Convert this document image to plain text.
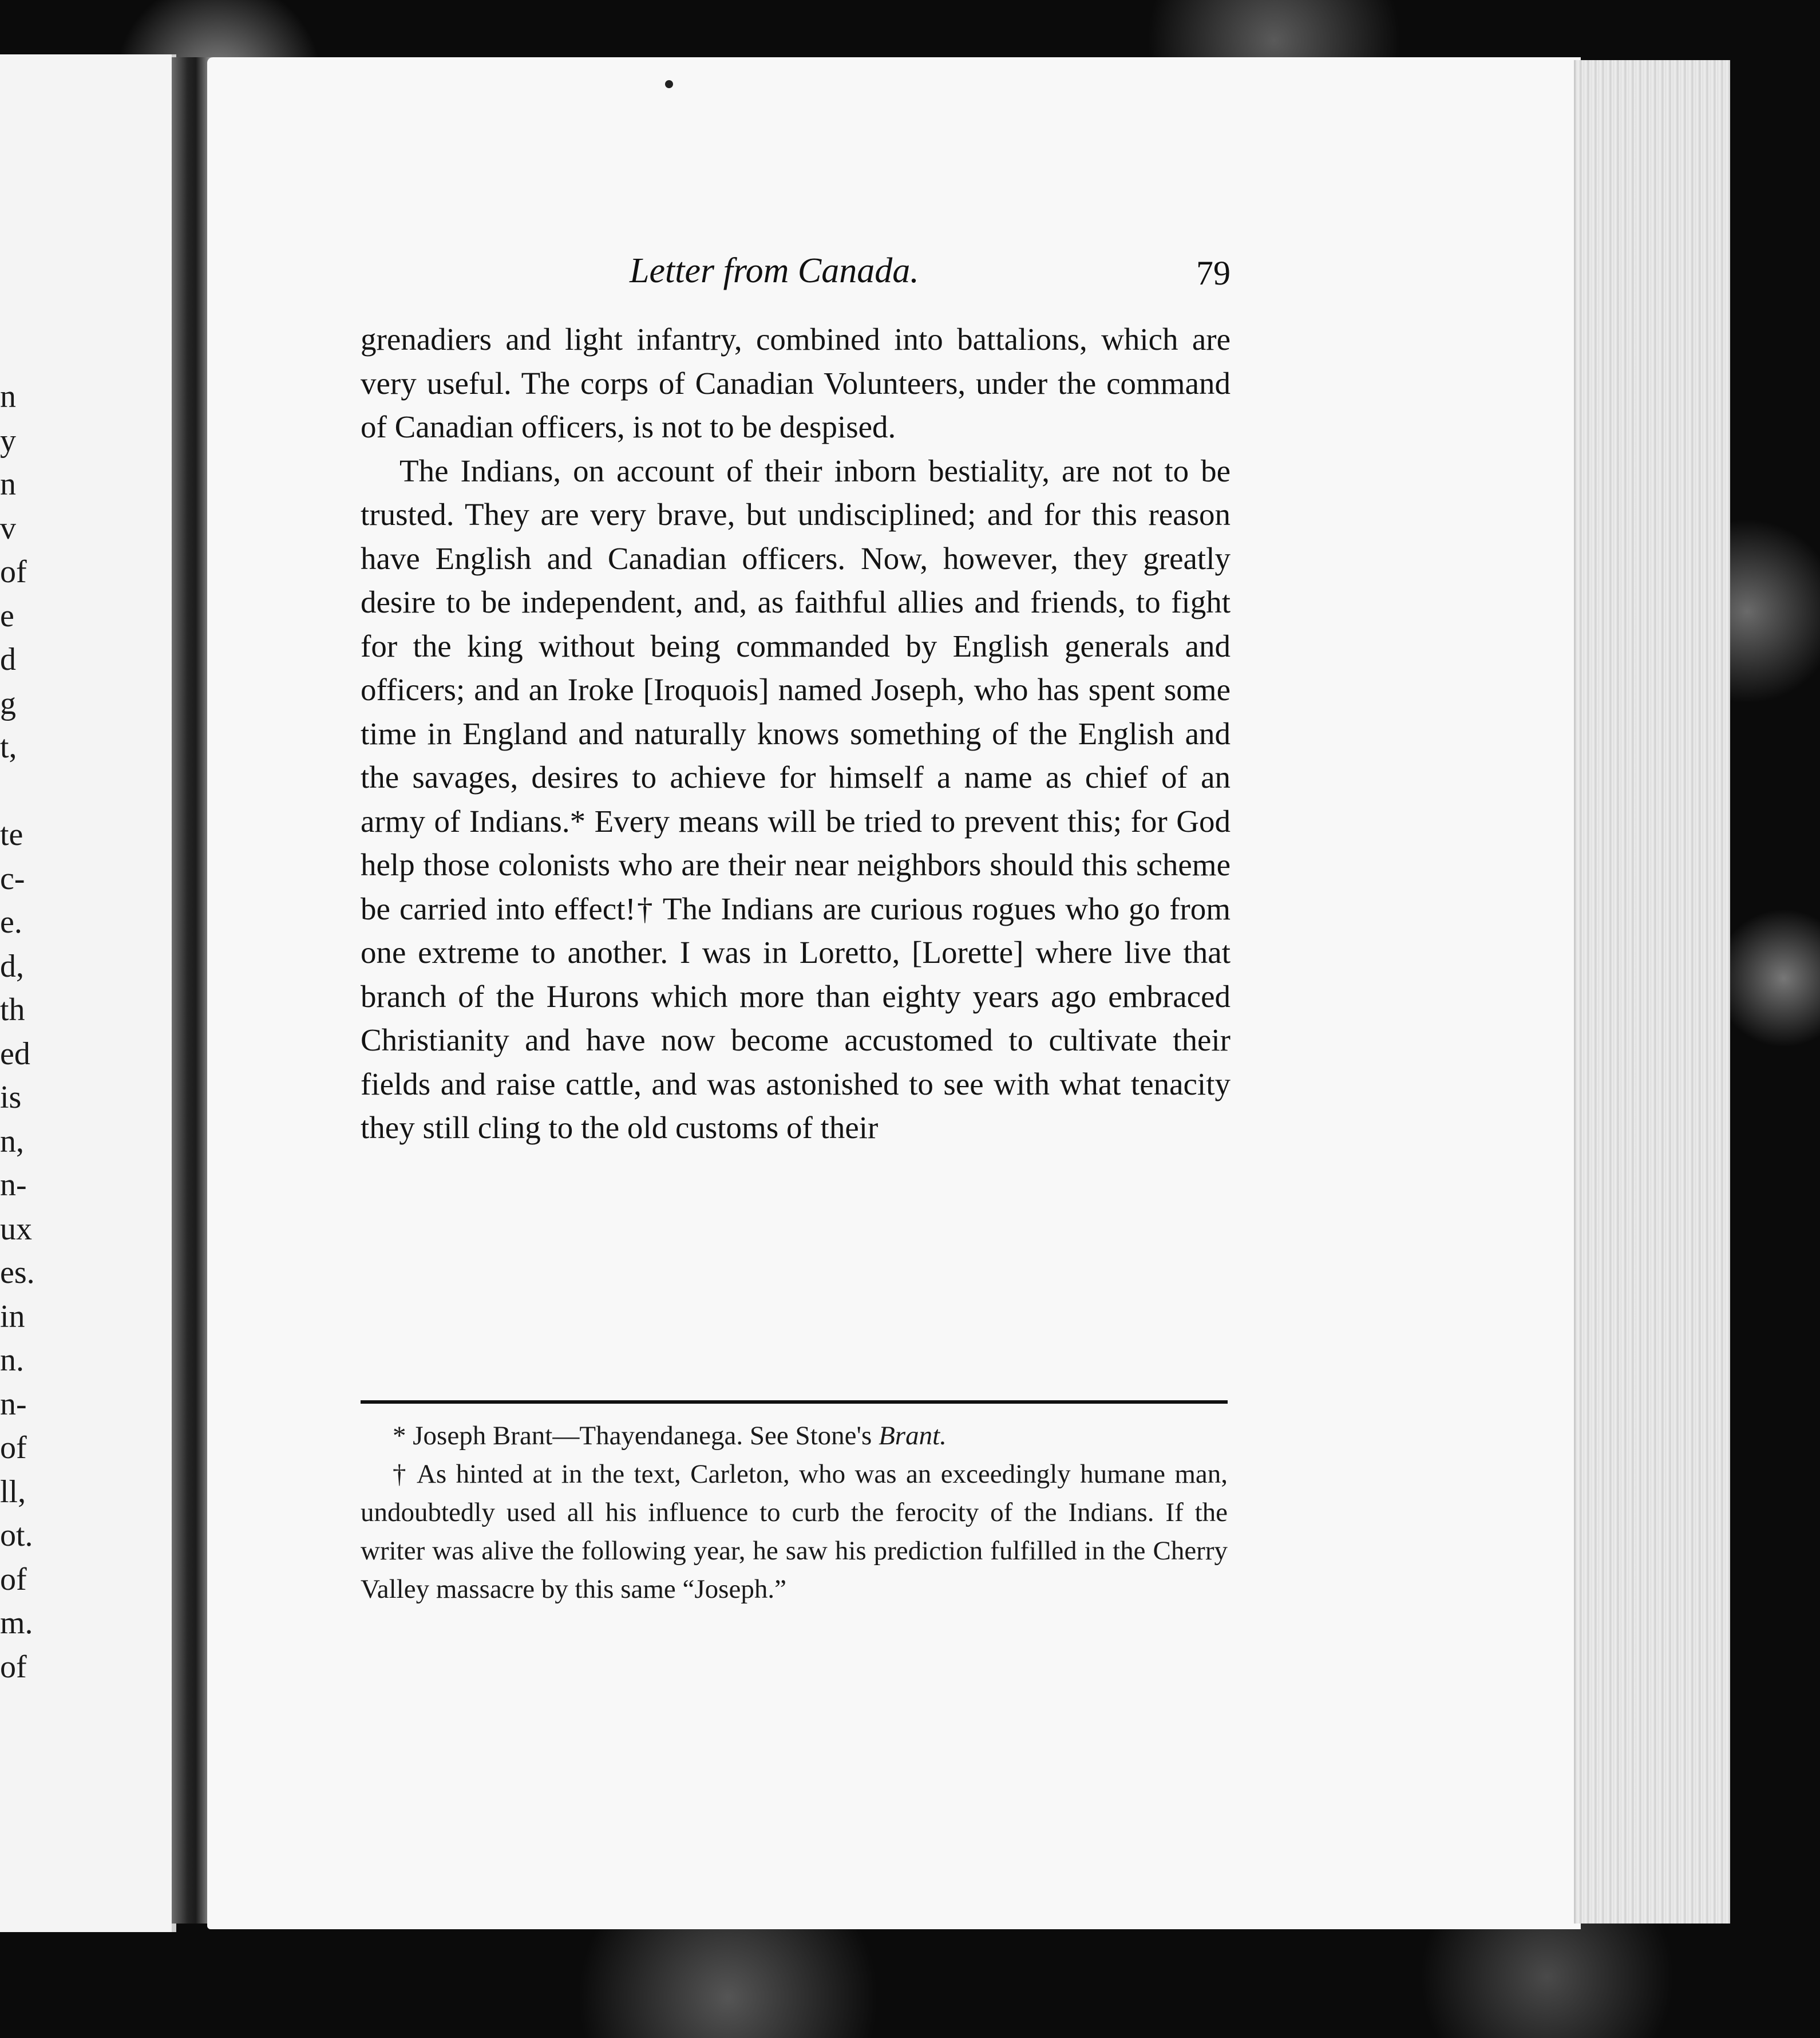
n
y
n
v
of
e
d
g
t,
te
c-
e.
d,
th
ed
is
n,
n-
ux
es.
in
n.
n-
of
ll,
ot.
of
m.
of
Letter from Canada.	79

grenadiers and light infantry, combined into battalions, which are very useful. The corps of Canadian Volunteers, under the command of Canadian officers, is not to be despised.

The Indians, on account of their inborn bestiality, are not to be trusted. They are very brave, but undisciplined; and for this reason have English and Canadian officers. Now, however, they greatly desire to be independent, and, as faithful allies and friends, to fight for the king without being commanded by English generals and officers; and an Iroke [Iroquois] named Joseph, who has spent some time in England and naturally knows something of the English and the savages, desires to achieve for himself a name as chief of an army of Indians.* Every means will be tried to prevent this; for God help those colonists who are their near neighbors should this scheme be carried into effect!† The Indians are curious rogues who go from one extreme to another. I was in Loretto, [Lorette] where live that branch of the Hurons which more than eighty years ago embraced Christianity and have now become accustomed to cultivate their fields and raise cattle, and was astonished to see with what tenacity they still cling to the old customs of their

* Joseph Brant—Thayendanega. See Stone's Brant.

† As hinted at in the text, Carleton, who was an exceedingly humane man, undoubtedly used all his influence to curb the ferocity of the Indians. If the writer was alive the following year, he saw his prediction fulfilled in the Cherry Valley massacre by this same “Joseph.”
